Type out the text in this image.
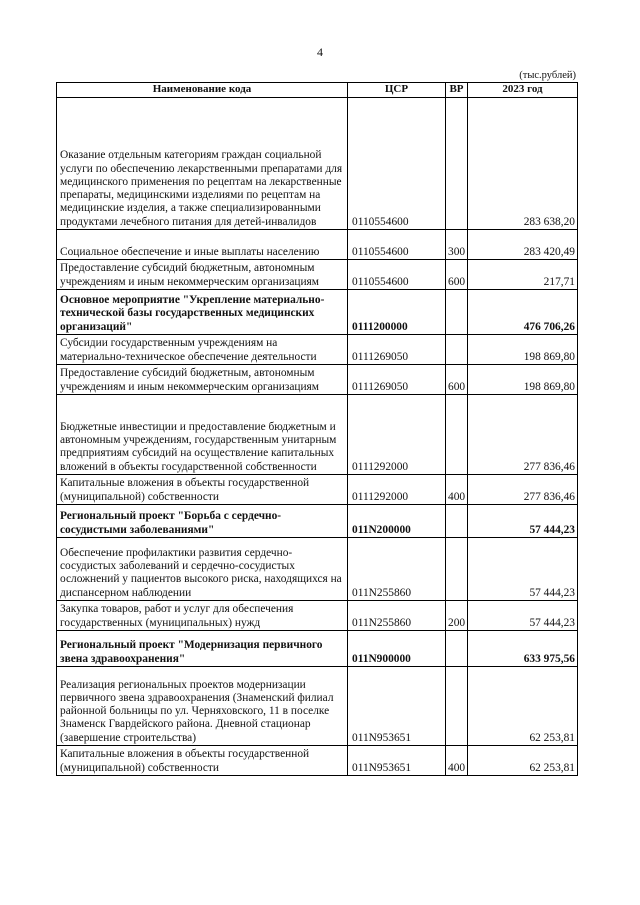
4
(тыс.рублей)
Наименование кода	ЦСР	ВР	2023 год
Оказание отдельным категориям граждан социальной услуги по обеспечению лекарственными препаратами для медицинского применения по рецептам на лекарственные препараты, медицинскими изделиями по рецептам на медицинские изделия, а также специализированными продуктами лечебного питания для детей-инвалидов	0110554600		283 638,20
Социальное обеспечение и иные выплаты населению	0110554600	300	283 420,49
Предоставление субсидий бюджетным, автономным учреждениям и иным некоммерческим организациям	0110554600	600	217,71
Основное мероприятие "Укрепление материально-технической базы государственных медицинских организаций"	0111200000		476 706,26
Субсидии государственным учреждениям на материально-техническое обеспечение деятельности	0111269050		198 869,80
Предоставление субсидий бюджетным, автономным учреждениям и иным некоммерческим организациям	0111269050	600	198 869,80
Бюджетные инвестиции и предоставление бюджетным и автономным учреждениям, государственным унитарным предприятиям субсидий на осуществление капитальных вложений в объекты государственной собственности	0111292000		277 836,46
Капитальные вложения в объекты государственной (муниципальной) собственности	0111292000	400	277 836,46
Региональный проект "Борьба с сердечно-сосудистыми заболеваниями"	011N200000		57 444,23
Обеспечение профилактики развития сердечно-сосудистых заболеваний и сердечно-сосудистых осложнений у пациентов высокого риска, находящихся на диспансерном наблюдении	011N255860		57 444,23
Закупка товаров, работ и услуг для обеспечения государственных (муниципальных) нужд	011N255860	200	57 444,23
Региональный проект "Модернизация первичного звена здравоохранения"	011N900000		633 975,56
Реализация региональных проектов модернизации первичного звена здравоохранения (Знаменский филиал районной больницы по ул. Черняховского, 11 в поселке Знаменск Гвардейского района. Дневной стационар (завершение строительства)	011N953651		62 253,81
Капитальные вложения в объекты государственной (муниципальной) собственности	011N953651	400	62 253,81
